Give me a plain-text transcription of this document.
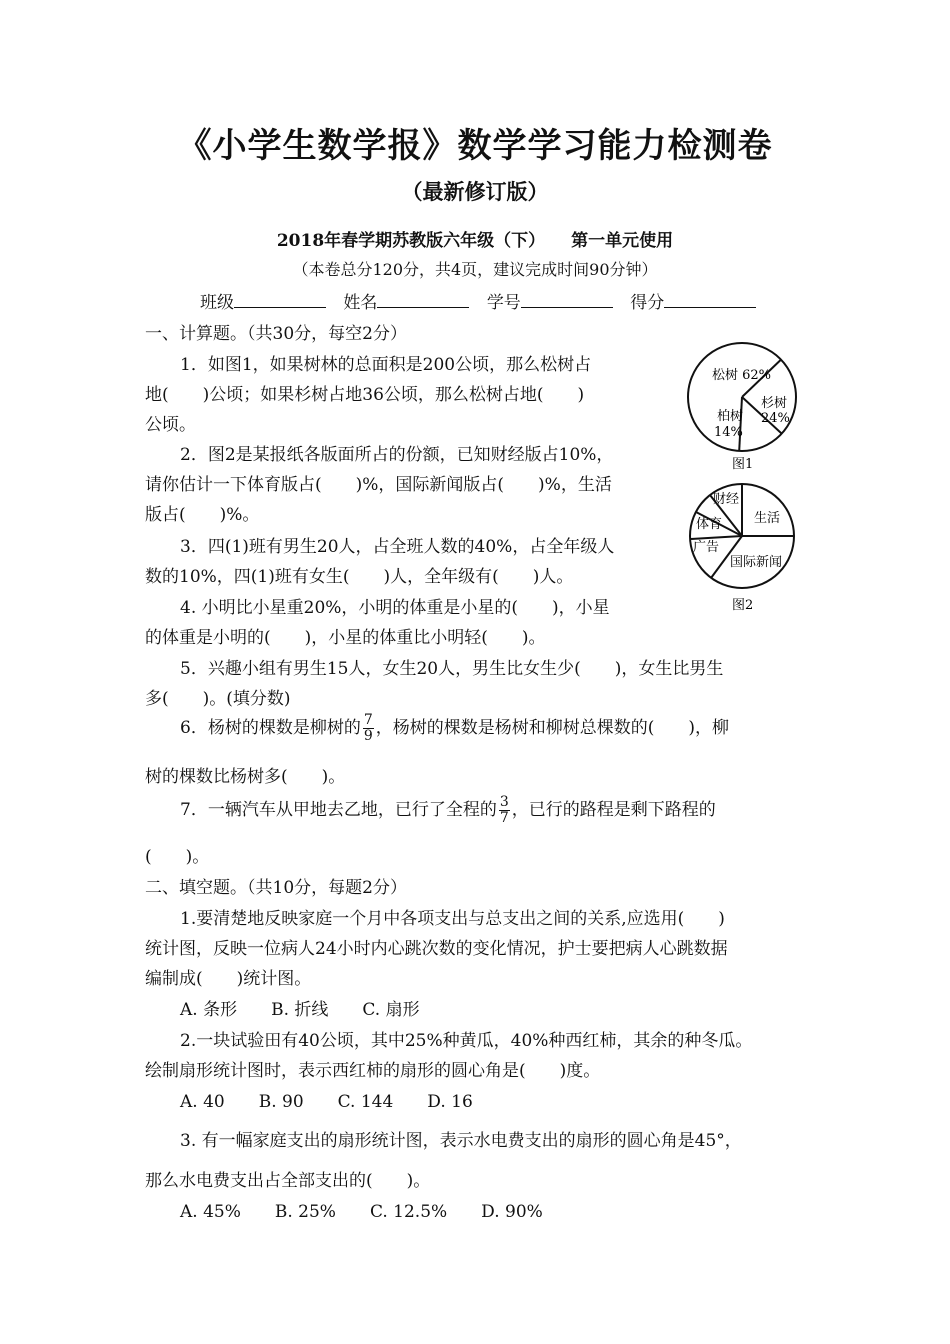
《小学生数学报》数学学习能力检测卷
（最新修订版）
2018年春学期苏教版六年级（下） 第一单元使用
（本卷总分120分，共4页，建议完成时间90分钟）
班级	姓名	学号	得分
一、计算题。（共30分，每空2分）
1．如图1，如果树林的总面积是200公顷，那么松树占
地(　　)公顷；如果杉树占地36公顷，那么松树占地(　　)
公顷。
2．图2是某报纸各版面所占的份额，已知财经版占10%，
请你估计一下体育版占(　　)%，国际新闻版占(　　)%，生活
版占(　　)%。
3．四(1)班有男生20人，占全班人数的40%，占全年级人
数的10%，四(1)班有女生(　　)人，全年级有(　　)人。
4. 小明比小星重20%，小明的体重是小星的(　　)，小星
的体重是小明的(　　)，小星的体重比小明轻(　　)。
5．兴趣小组有男生15人，女生20人，男生比女生少(　　)，女生比男生
多(　　)。(填分数)
6．杨树的棵数是柳树的 $\frac{7}{9}$ ，杨树的棵数是杨树和柳树总棵数的(　　)，柳
树的棵数比杨树多(　　)。
7．一辆汽车从甲地去乙地，已行了全程的 $\frac{3}{7}$ ，已行的路程是剩下路程的
(　　)。
二、填空题。（共10分，每题2分）
1.要清楚地反映家庭一个月中各项支出与总支出之间的关系,应选用(　　)
统计图，反映一位病人24小时内心跳次数的变化情况，护士要把病人心跳数据
编制成(　　)统计图。
A. 条形　　B. 折线　　C. 扇形
2.一块试验田有40公顷，其中25%种黄瓜，40%种西红柿，其余的种冬瓜。
绘制扇形统计图时，表示西红柿的扇形的圆心角是(　　)度。
A. 40　　B. 90　　C. 144　　D. 16
3. 有一幅家庭支出的扇形统计图，表示水电费支出的扇形的圆心角是45°，
那么水电费支出占全部支出的(　　)。
A. 45%　　B. 25%　　C. 12.5%　　D. 90%
松树 62%
杉树
24%
柏树
14%
图1
财经
生活
体育
广告
国际新闻
图2
